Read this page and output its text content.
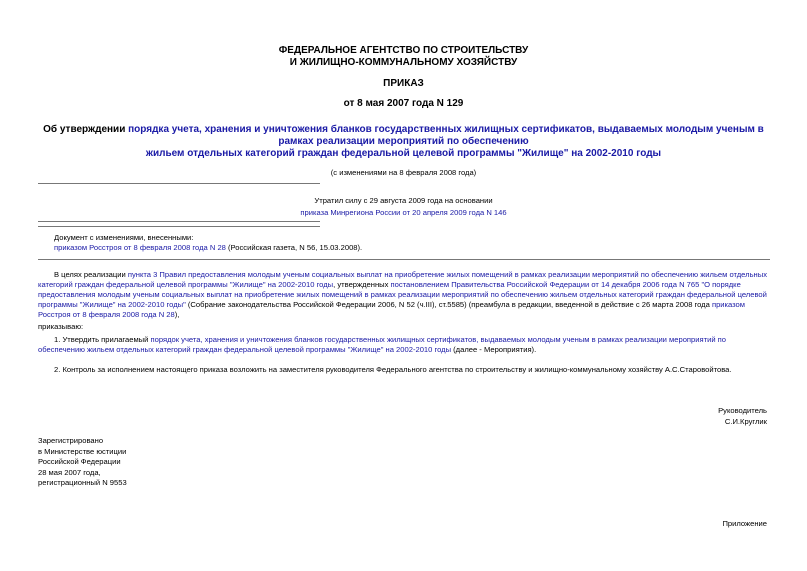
ФЕДЕРАЛЬНОЕ АГЕНТСТВО ПО СТРОИТЕЛЬСТВУ
И ЖИЛИЩНО-КОММУНАЛЬНОМУ ХОЗЯЙСТВУ
ПРИКАЗ
от 8 мая 2007 года N 129
Об утверждении порядка учета, хранения и уничтожения бланков государственных жилищных сертификатов, выдаваемых молодым ученым в рамках реализации мероприятий по обеспечению
жильем отдельных категорий граждан федеральной целевой программы "Жилище" на 2002-2010 годы
(с изменениями на 8 февраля 2008 года)
Утратил силу с 29 августа 2009 года на основании
приказа Минрегиона России от 20 апреля 2009 года N 146
Документ с изменениями, внесенными:
приказом Росстроя от 8 февраля 2008 года N 28 (Российская газета, N 56, 15.03.2008).
В целях реализации пункта 3 Правил предоставления молодым ученым социальных выплат на приобретение жилых помещений в рамках реализации мероприятий по обеспечению жильем отдельных категорий граждан федеральной целевой программы "Жилище" на 2002-2010 годы, утвержденных постановлением Правительства Российской Федерации от 14 декабря 2006 года N 765 "О порядке предоставления молодым ученым социальных выплат на приобретение жилых помещений в рамках реализации мероприятий по обеспечению жильем отдельных категорий граждан федеральной целевой программы "Жилище" на 2002-2010 годы" (Собрание законодательства Российской Федерации 2006, N 52 (ч.III), ст.5585) (преамбула в редакции, введенной в действие с 26 марта 2008 года приказом Росстроя от 8 февраля 2008 года N 28),
приказываю:
1. Утвердить прилагаемый порядок учета, хранения и уничтожения бланков государственных жилищных сертификатов, выдаваемых молодым ученым в рамках реализации мероприятий по обеспечению жильем отдельных категорий граждан федеральной целевой программы "Жилище" на 2002-2010 годы (далее - Мероприятия).
2. Контроль за исполнением настоящего приказа возложить на заместителя руководителя Федерального агентства по строительству и жилищно-коммунальному хозяйству А.С.Старовойтова.
Руководитель
С.И.Круглик
Зарегистрировано
в Министерстве юстиции
Российской Федерации
28 мая 2007 года,
регистрационный N 9553
Приложение
